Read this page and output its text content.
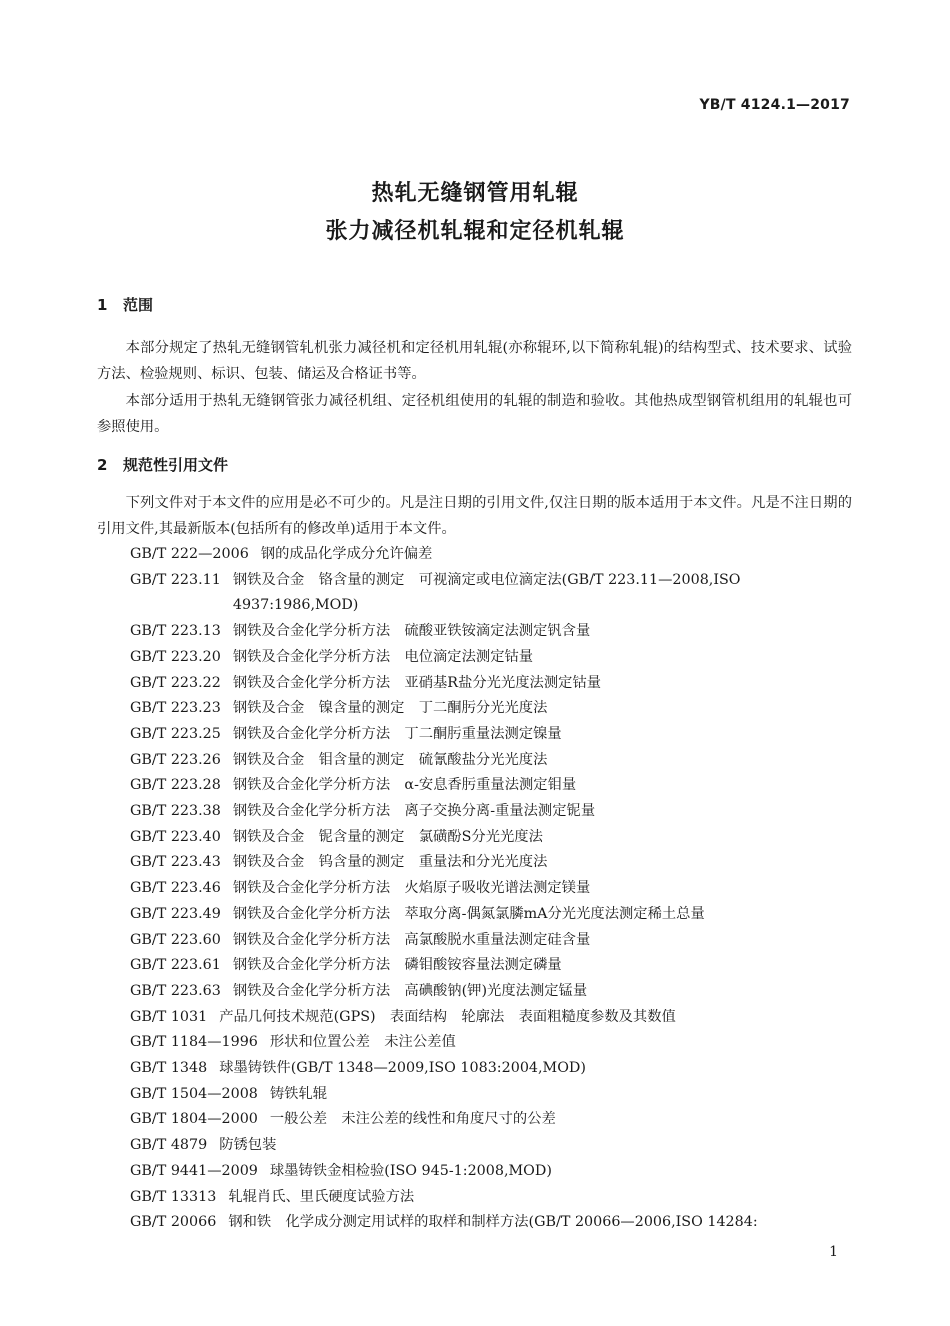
YB/T 4124.1—2017
热轧无缝钢管用轧辊
张力减径机轧辊和定径机轧辊
1 范围
本部分规定了热轧无缝钢管轧机张力减径机和定径机用轧辊(亦称辊环,以下简称轧辊)的结构型式、技术要求、试验方法、检验规则、标识、包装、储运及合格证书等。
本部分适用于热轧无缝钢管张力减径机组、定径机组使用的轧辊的制造和验收。其他热成型钢管机组用的轧辊也可参照使用。
2 规范性引用文件
下列文件对于本文件的应用是必不可少的。凡是注日期的引用文件,仅注日期的版本适用于本文件。凡是不注日期的引用文件,其最新版本(包括所有的修改单)适用于本文件。
GB/T 222—2006 钢的成品化学成分允许偏差
GB/T 223.11 钢铁及合金 铬含量的测定 可视滴定或电位滴定法(GB/T 223.11—2008,ISO 4937:1986,MOD)
GB/T 223.13 钢铁及合金化学分析方法 硫酸亚铁铵滴定法测定钒含量
GB/T 223.20 钢铁及合金化学分析方法 电位滴定法测定钴量
GB/T 223.22 钢铁及合金化学分析方法 亚硝基R盐分光光度法测定钴量
GB/T 223.23 钢铁及合金 镍含量的测定 丁二酮肟分光光度法
GB/T 223.25 钢铁及合金化学分析方法 丁二酮肟重量法测定镍量
GB/T 223.26 钢铁及合金 钼含量的测定 硫氰酸盐分光光度法
GB/T 223.28 钢铁及合金化学分析方法 α-安息香肟重量法测定钼量
GB/T 223.38 钢铁及合金化学分析方法 离子交换分离-重量法测定铌量
GB/T 223.40 钢铁及合金 铌含量的测定 氯磺酚S分光光度法
GB/T 223.43 钢铁及合金 钨含量的测定 重量法和分光光度法
GB/T 223.46 钢铁及合金化学分析方法 火焰原子吸收光谱法测定镁量
GB/T 223.49 钢铁及合金化学分析方法 萃取分离-偶氮氯膦mA分光光度法测定稀土总量
GB/T 223.60 钢铁及合金化学分析方法 高氯酸脱水重量法测定硅含量
GB/T 223.61 钢铁及合金化学分析方法 磷钼酸铵容量法测定磷量
GB/T 223.63 钢铁及合金化学分析方法 高碘酸钠(钾)光度法测定锰量
GB/T 1031 产品几何技术规范(GPS) 表面结构 轮廓法 表面粗糙度参数及其数值
GB/T 1184—1996 形状和位置公差 未注公差值
GB/T 1348 球墨铸铁件(GB/T 1348—2009,ISO 1083:2004,MOD)
GB/T 1504—2008 铸铁轧辊
GB/T 1804—2000 一般公差 未注公差的线性和角度尺寸的公差
GB/T 4879 防锈包装
GB/T 9441—2009 球墨铸铁金相检验(ISO 945-1:2008,MOD)
GB/T 13313 轧辊肖氏、里氏硬度试验方法
GB/T 20066 钢和铁 化学成分测定用试样的取样和制样方法(GB/T 20066—2006,ISO 14284:
1
